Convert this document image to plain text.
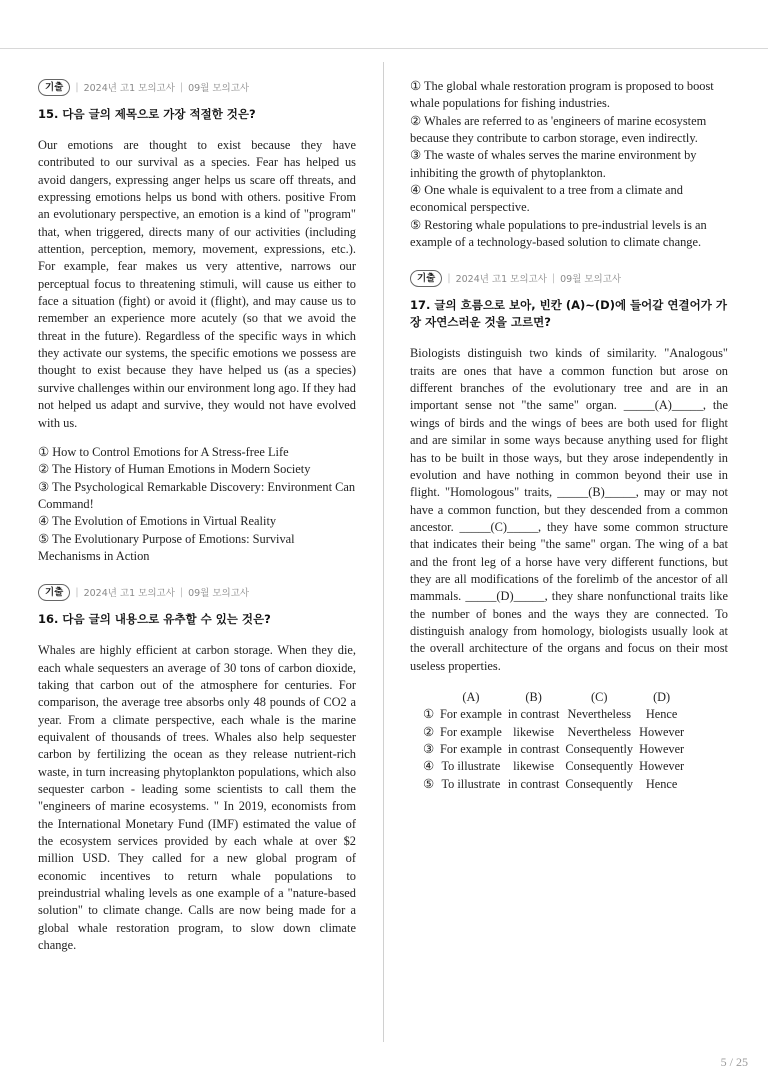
기출	| 2024년 고1 모의고사 | 09월 모의고사
15. 다음 글의 제목으로 가장 적절한 것은?
Our emotions are thought to exist because they have contributed to our survival as a species. Fear has helped us avoid dangers, expressing anger helps us scare off threats, and expressing emotions helps us bond with others. positive From an evolutionary perspective, an emotion is a kind of "program" that, when triggered, directs many of our activities (including attention, perception, memory, movement, expressions, etc.). For example, fear makes us very attentive, narrows our perceptual focus to threatening stimuli, will cause us either to face a situation (fight) or avoid it (flight), and may cause us to remember an experience more acutely (so that we avoid the threat in the future). Regardless of the specific ways in which they activate our systems, the specific emotions we possess are thought to exist because they have helped us (as a species) survive challenges within our environment long ago. If they had not helped us adapt and survive, they would not have evolved with us.
① How to Control Emotions for A Stress-free Life
② The History of Human Emotions in Modern Society
③ The Psychological Remarkable Discovery: Environment Can Command!
④ The Evolution of Emotions in Virtual Reality
⑤ The Evolutionary Purpose of Emotions: Survival Mechanisms in Action
기출	| 2024년 고1 모의고사 | 09월 모의고사
16. 다음 글의 내용으로 유추할 수 있는 것은?
Whales are highly efficient at carbon storage. When they die, each whale sequesters an average of 30 tons of carbon dioxide, taking that carbon out of the atmosphere for centuries. For comparison, the average tree absorbs only 48 pounds of CO2 a year. From a climate perspective, each whale is the marine equivalent of thousands of trees. Whales also help sequester carbon by fertilizing the ocean as they release nutrient-rich waste, in turn increasing phytoplankton populations, which also sequester carbon - leading some scientists to call them the "engineers of marine ecosystems. " In 2019, economists from the International Monetary Fund (IMF) estimated the value of the ecosystem services provided by each whale at over $2 million USD. They called for a new global program of economic incentives to return whale populations to preindustrial whaling levels as one example of a "nature-based solution" to climate change. Calls are now being made for a global whale restoration program, to slow down climate change.
① The global whale restoration program is proposed to boost whale populations for fishing industries.
② Whales are referred to as 'engineers of marine ecosystem because they contribute to carbon storage, even indirectly.
③ The waste of whales serves the marine environment by inhibiting the growth of phytoplankton.
④ One whale is equivalent to a tree from a climate and economical perspective.
⑤ Restoring whale populations to pre-industrial levels is an example of a technology-based solution to climate change.
기출	| 2024년 고1 모의고사 | 09월 모의고사
17. 글의 흐름으로 보아, 빈칸 (A)~(D)에 들어갈 연결어가 가장 자연스러운 것을 고르면?
Biologists distinguish two kinds of similarity. "Analogous" traits are ones that have a common function but arose on different branches of the evolutionary tree and are in an important sense not "the same" organ. _____(A)_____, the wings of birds and the wings of bees are both used for flight and are similar in some ways because anything used for flight has to be built in those ways, but they arose independently in evolution and have nothing in common beyond their use in flight. "Homologous" traits, _____(B)_____, may or may not have a common function, but they descended from a common ancestor. _____(C)_____, they have some common structure that indicates their being "the same" organ. The wing of a bat and the front leg of a horse have very different functions, but they are all modifications of the forelimb of the ancestor of all mammals. _____(D)_____, they share nonfunctional traits like the number of bones and the ways they are connected. To distinguish analogy from homology, biologists usually look at the overall architecture of the organs and focus on their most useless properties.
	(A)	(B)	(C)	(D)
①	For example	in contrast	Nevertheless	Hence
②	For example	likewise	Nevertheless	However
③	For example	in contrast	Consequently	However
④	To illustrate	likewise	Consequently	However
⑤	To illustrate	in contrast	Consequently	Hence
5 / 25
